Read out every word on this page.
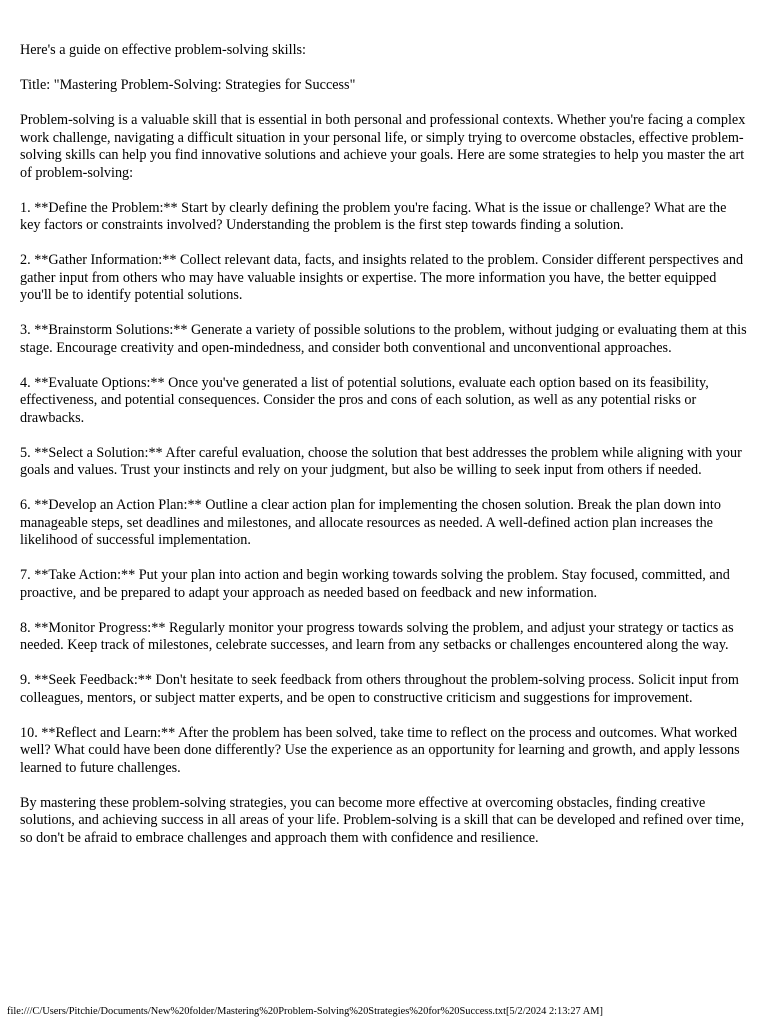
Here's a guide on effective problem-solving skills:

Title: "Mastering Problem-Solving: Strategies for Success"

Problem-solving is a valuable skill that is essential in both personal and professional contexts. Whether you're facing a complex work challenge, navigating a difficult situation in your personal life, or simply trying to overcome obstacles, effective problem-solving skills can help you find innovative solutions and achieve your goals. Here are some strategies to help you master the art of problem-solving:

1. **Define the Problem:** Start by clearly defining the problem you're facing. What is the issue or challenge? What are the key factors or constraints involved? Understanding the problem is the first step towards finding a solution.

2. **Gather Information:** Collect relevant data, facts, and insights related to the problem. Consider different perspectives and gather input from others who may have valuable insights or expertise. The more information you have, the better equipped you'll be to identify potential solutions.

3. **Brainstorm Solutions:** Generate a variety of possible solutions to the problem, without judging or evaluating them at this stage. Encourage creativity and open-mindedness, and consider both conventional and unconventional approaches.

4. **Evaluate Options:** Once you've generated a list of potential solutions, evaluate each option based on its feasibility, effectiveness, and potential consequences. Consider the pros and cons of each solution, as well as any potential risks or drawbacks.

5. **Select a Solution:** After careful evaluation, choose the solution that best addresses the problem while aligning with your goals and values. Trust your instincts and rely on your judgment, but also be willing to seek input from others if needed.

6. **Develop an Action Plan:** Outline a clear action plan for implementing the chosen solution. Break the plan down into manageable steps, set deadlines and milestones, and allocate resources as needed. A well-defined action plan increases the likelihood of successful implementation.

7. **Take Action:** Put your plan into action and begin working towards solving the problem. Stay focused, committed, and proactive, and be prepared to adapt your approach as needed based on feedback and new information.

8. **Monitor Progress:** Regularly monitor your progress towards solving the problem, and adjust your strategy or tactics as needed. Keep track of milestones, celebrate successes, and learn from any setbacks or challenges encountered along the way.

9. **Seek Feedback:** Don't hesitate to seek feedback from others throughout the problem-solving process. Solicit input from colleagues, mentors, or subject matter experts, and be open to constructive criticism and suggestions for improvement.

10. **Reflect and Learn:** After the problem has been solved, take time to reflect on the process and outcomes. What worked well? What could have been done differently? Use the experience as an opportunity for learning and growth, and apply lessons learned to future challenges.

By mastering these problem-solving strategies, you can become more effective at overcoming obstacles, finding creative solutions, and achieving success in all areas of your life. Problem-solving is a skill that can be developed and refined over time, so don't be afraid to embrace challenges and approach them with confidence and resilience.

file:///C/Users/Pitchie/Documents/New%20folder/Mastering%20Problem-Solving%20Strategies%20for%20Success.txt[5/2/2024 2:13:27 AM]
